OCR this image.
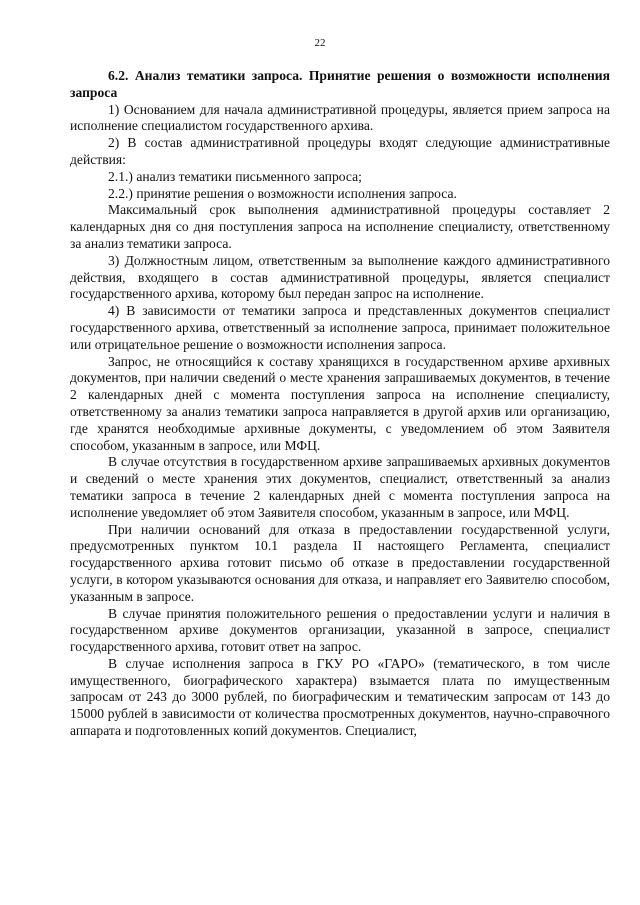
22

6.2. Анализ тематики запроса. Принятие решения о возможности исполнения запроса

1) Основанием для начала административной процедуры, является прием запроса на исполнение специалистом государственного архива.

2) В состав административной процедуры входят следующие административные действия:

2.1.) анализ тематики письменного запроса;

2.2.) принятие решения о возможности исполнения запроса.

Максимальный срок выполнения административной процедуры составляет 2 календарных дня со дня поступления запроса на исполнение специалисту, ответственному за анализ тематики запроса.

3) Должностным лицом, ответственным за выполнение каждого административного действия, входящего в состав административной процедуры, является специалист государственного архива, которому был передан запрос на исполнение.

4) В зависимости от тематики запроса и представленных документов специалист государственного архива, ответственный за исполнение запроса, принимает положительное или отрицательное решение о возможности исполнения запроса.

Запрос, не относящийся к составу хранящихся в государственном архиве архивных документов, при наличии сведений о месте хранения запрашиваемых документов, в течение 2 календарных дней с момента поступления запроса на исполнение специалисту, ответственному за анализ тематики запроса направляется в другой архив или организацию, где хранятся необходимые архивные документы, с уведомлением об этом Заявителя способом, указанным в запросе, или МФЦ.

В случае отсутствия в государственном архиве запрашиваемых архивных документов и сведений о месте хранения этих документов, специалист, ответственный за анализ тематики запроса в течение 2 календарных дней с момента поступления запроса на исполнение уведомляет об этом Заявителя способом, указанным в запросе, или МФЦ.

При наличии оснований для отказа в предоставлении государственной услуги, предусмотренных пунктом 10.1 раздела II настоящего Регламента, специалист государственного архива готовит письмо об отказе в предоставлении государственной услуги, в котором указываются основания для отказа, и направляет его Заявителю способом, указанным в запросе.

В случае принятия положительного решения о предоставлении услуги и наличия в государственном архиве документов организации, указанной в запросе, специалист государственного архива, готовит ответ на запрос.

В случае исполнения запроса в ГКУ РО «ГАРО» (тематического, в том числе имущественного, биографического характера) взымается плата по имущественным запросам от 243 до 3000 рублей, по биографическим и тематическим запросам от 143 до 15000 рублей в зависимости от количества просмотренных документов, научно-справочного аппарата и подготовленных копий документов. Специалист,
